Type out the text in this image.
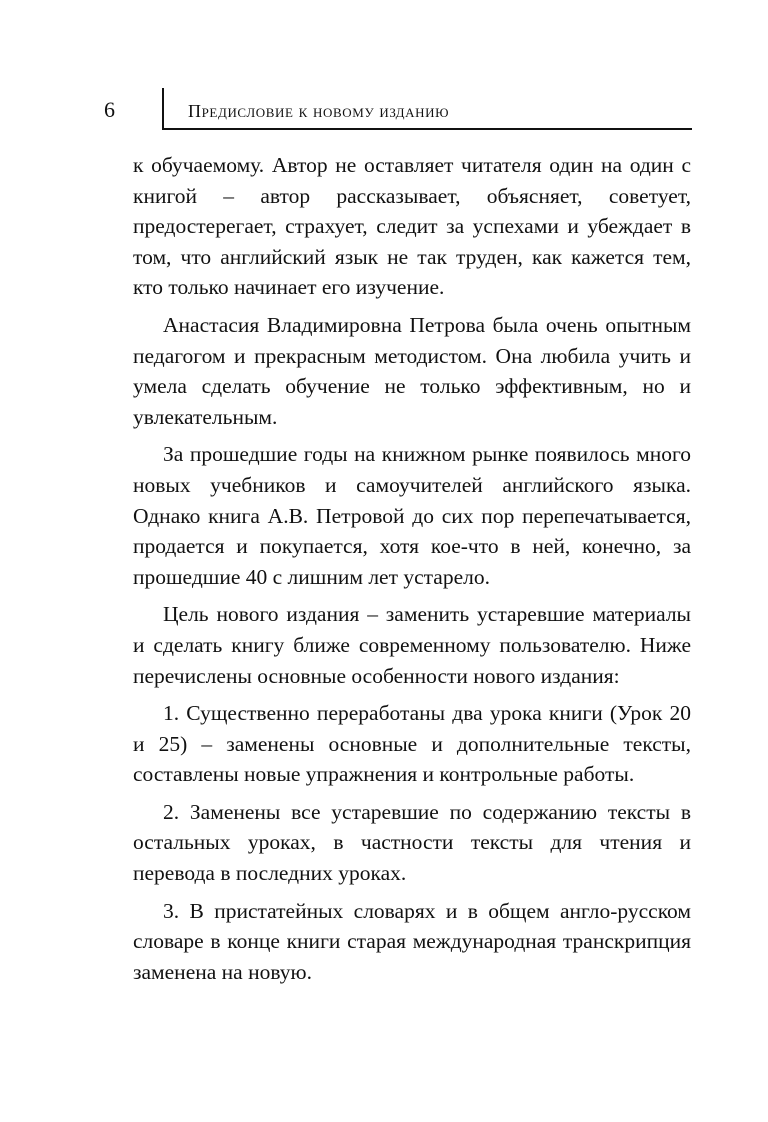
6	Предисловие к новому изданию

к обучаемому. Автор не оставляет читателя один на один с книгой – автор рассказывает, объясняет, советует, предостерегает, страхует, следит за успехами и убеждает в том, что английский язык не так труден, как кажется тем, кто только начинает его изучение.

Анастасия Владимировна Петрова была очень опытным педагогом и прекрасным методистом. Она любила учить и умела сделать обучение не только эффективным, но и увлекательным.

За прошедшие годы на книжном рынке появилось много новых учебников и самоучителей английского языка. Однако книга А.В. Петровой до сих пор перепечатывается, продается и покупается, хотя кое-что в ней, конечно, за прошедшие 40 с лишним лет устарело.

Цель нового издания – заменить устаревшие материалы и сделать книгу ближе современному пользователю. Ниже перечислены основные особенности нового издания:

1. Существенно переработаны два урока книги (Урок 20 и 25) – заменены основные и дополнительные тексты, составлены новые упражнения и контрольные работы.

2. Заменены все устаревшие по содержанию тексты в остальных уроках, в частности тексты для чтения и перевода в последних уроках.

3. В пристатейных словарях и в общем англо-русском словаре в конце книги старая международная транскрипция заменена на новую.
